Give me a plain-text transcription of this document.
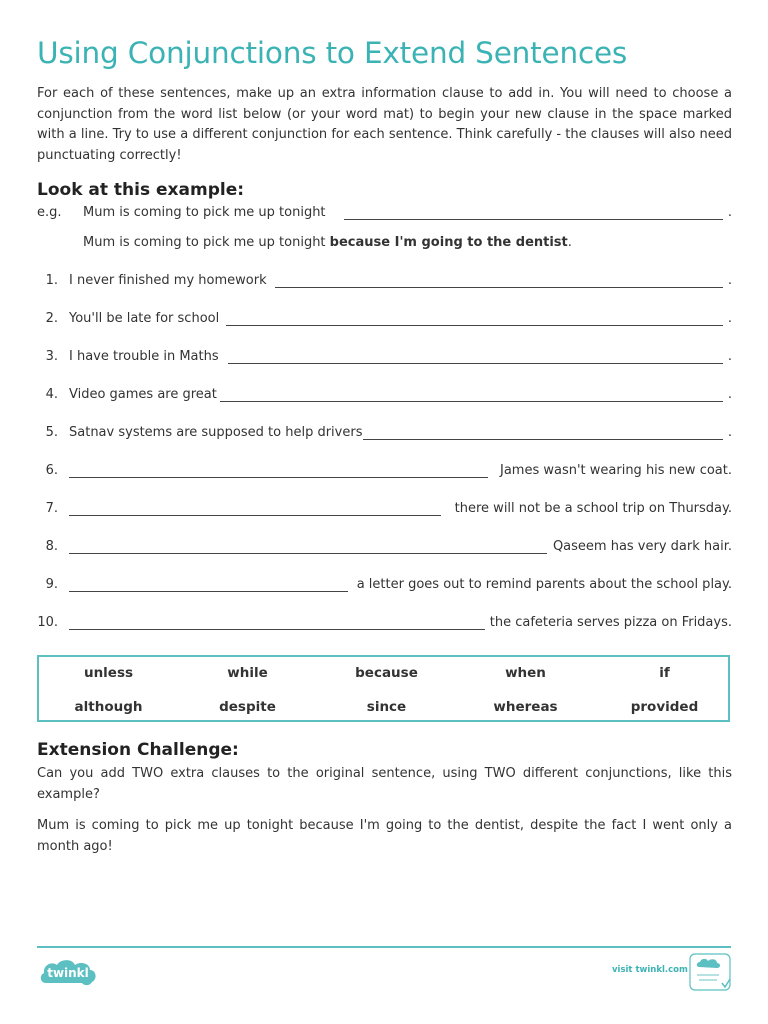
Using Conjunctions to Extend Sentences
For each of these sentences, make up an extra information clause to add in. You will need to choose a conjunction from the word list below (or your word mat) to begin your new clause in the space marked with a line. Try to use a different conjunction for each sentence. Think carefully - the clauses will also need punctuating correctly!
Look at this example:
e.g. Mum is coming to pick me up tonight	.
Mum is coming to pick me up tonight because I'm going to the dentist.
1. I never finished my homework	.
2. You'll be late for school	.
3. I have trouble in Maths	.
4. Video games are great	.
5. Satnav systems are supposed to help drivers	.
6.	James wasn't wearing his new coat.
7.	there will not be a school trip on Thursday.
8.	Qaseem has very dark hair.
9.	a letter goes out to remind parents about the school play.
10.	the cafeteria serves pizza on Fridays.
unless	while	because	when	if
although	despite	since	whereas	provided
Extension Challenge:
Can you add TWO extra clauses to the original sentence, using TWO different conjunctions, like this example?
Mum is coming to pick me up tonight because I'm going to the dentist, despite the fact I went only a month ago!
twinkl	visit twinkl.com
